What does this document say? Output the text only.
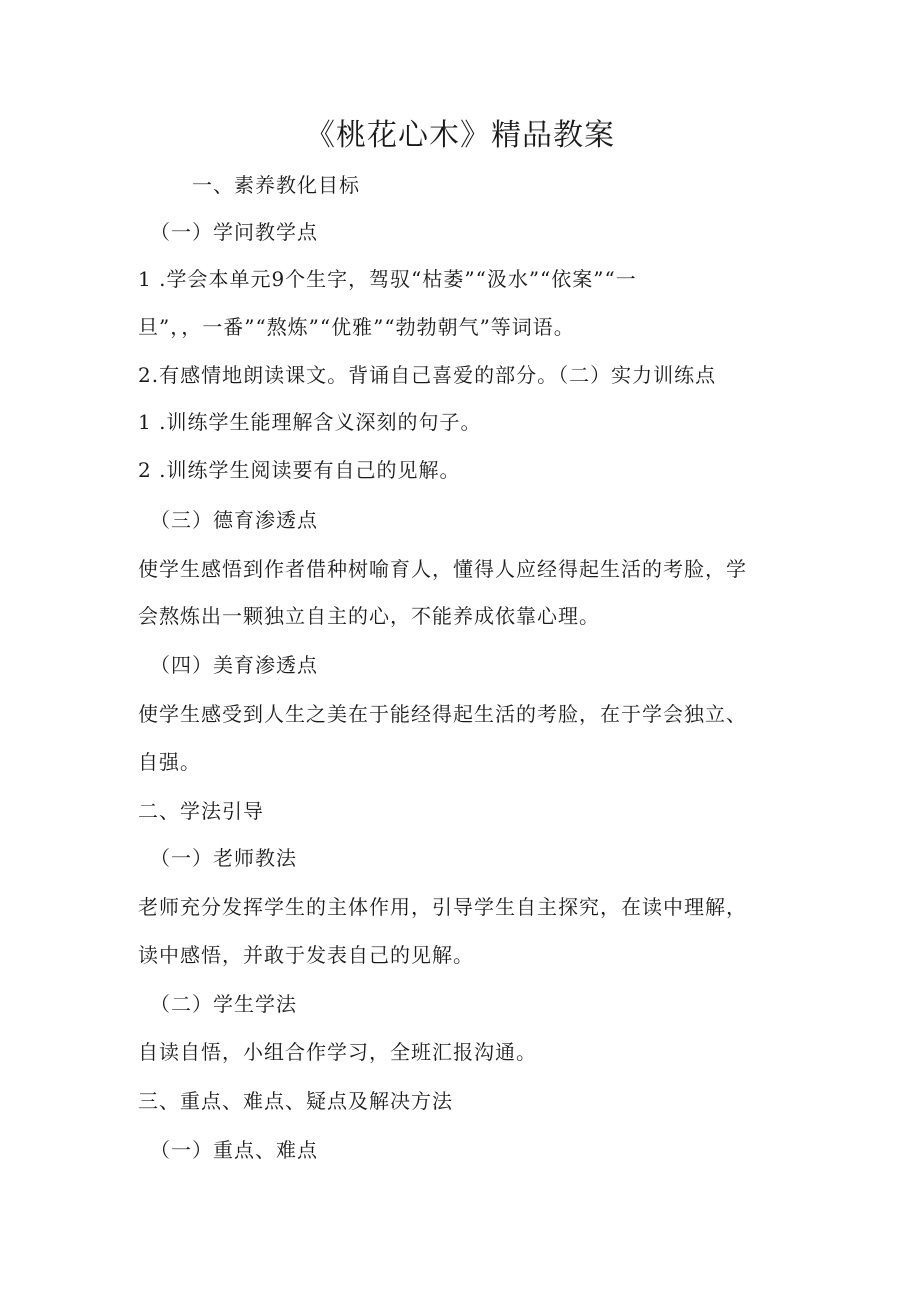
《桃花心木》精品教案
一、素养教化目标
（一）学问教学点
1 .学会本单元9个生字，驾驭“枯萎”“汲水”“依案”“一
旦”，，一番”“熬炼”“优雅”“勃勃朝气”等词语。
2.有感情地朗读课文。背诵自己喜爱的部分。（二）实力训练点
1 .训练学生能理解含义深刻的句子。
2 .训练学生阅读要有自己的见解。
（三）德育渗透点
使学生感悟到作者借种树喻育人，懂得人应经得起生活的考脸，学
会熬炼出一颗独立自主的心，不能养成依靠心理。
（四）美育渗透点
使学生感受到人生之美在于能经得起生活的考脸，在于学会独立、
自强。
二、学法引导
（一）老师教法
老师充分发挥学生的主体作用，引导学生自主探究，在读中理解，
读中感悟，并敢于发表自己的见解。
（二）学生学法
自读自悟，小组合作学习，全班汇报沟通。
三、重点、难点、疑点及解决方法
（一）重点、难点
